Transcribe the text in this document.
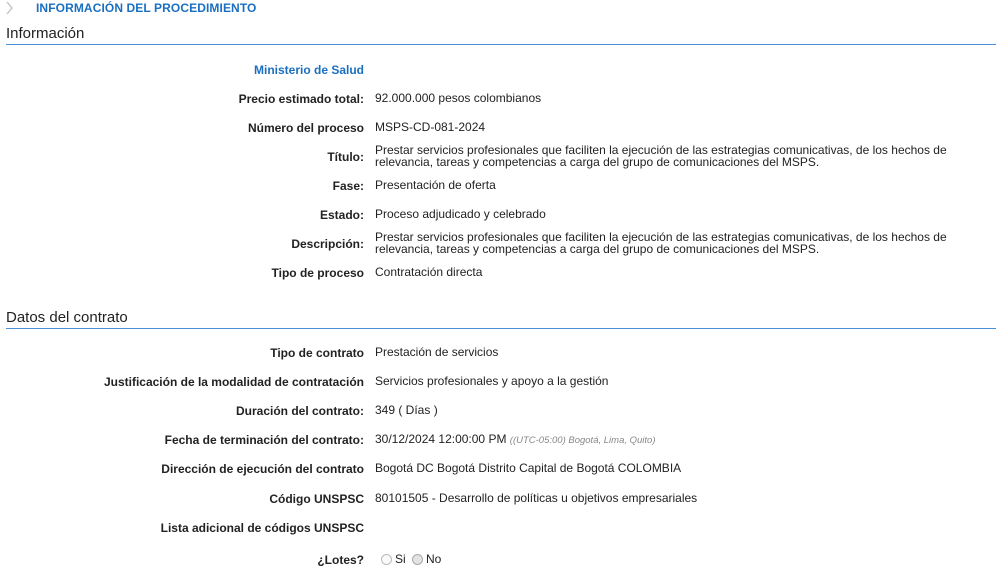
INFORMACIÓN DEL PROCEDIMIENTO
Información
Ministerio de Salud
Precio estimado total: 92.000.000 pesos colombianos
Número del proceso MSPS-CD-081-2024
Título: Prestar servicios profesionales que faciliten la ejecución de las estrategias comunicativas, de los hechos de relevancia, tareas y competencias a carga del grupo de comunicaciones del MSPS.
Fase: Presentación de oferta
Estado: Proceso adjudicado y celebrado
Descripción: Prestar servicios profesionales que faciliten la ejecución de las estrategias comunicativas, de los hechos de relevancia, tareas y competencias a carga del grupo de comunicaciones del MSPS.
Tipo de proceso Contratación directa
Datos del contrato
Tipo de contrato Prestación de servicios
Justificación de la modalidad de contratación Servicios profesionales y apoyo a la gestión
Duración del contrato: 349 ( Días )
Fecha de terminación del contrato: 30/12/2024 12:00:00 PM ((UTC-05:00) Bogotá, Lima, Quito)
Dirección de ejecución del contrato Bogotá DC Bogotá Distrito Capital de Bogotá COLOMBIA
Código UNSPSC 80101505 - Desarrollo de políticas u objetivos empresariales
Lista adicional de códigos UNSPSC
¿Lotes?	Si No
